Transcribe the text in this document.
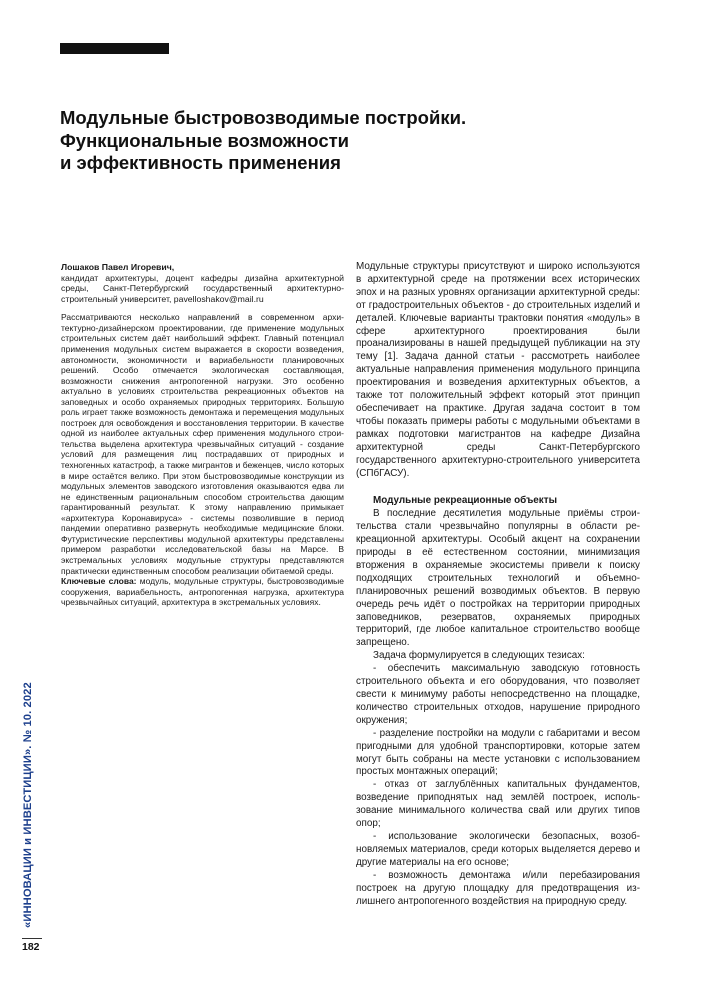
Модульные быстровозводимые постройки.
Функциональные возможности
и эффективность применения
Лошаков Павел Игоревич,
кандидат архитектуры, доцент кафедры дизайна архитектурной среды, Санкт-Петербургский государственный архитектурно-строительный университет, pavelloshakov@mail.ru
Рассматриваются несколько направлений в современном архитектурно-дизайнерском проектировании, где применение модульных строительных систем даёт наибольший эффект. Главный потенциал применения модульных систем выражается в скорости возведения, автономности, экономичности и вариабельности планировочных решений. Особо отмечается экологическая составляющая, возможности снижения антропогенной нагрузки. Это особенно актуально в условиях строительства рекреационных объектов на заповедных и особо охраняемых природных территориях. Большую роль играет также возможность демонтажа и перемещения модульных построек для освобождения и восстановления территории. В качестве одной из наиболее актуальных сфер применения модульного строительства выделена архитектура чрезвычайных ситуаций - создание условий для размещения лиц пострадавших от природных и техногенных катастроф, а также мигрантов и беженцев, число которых в мире остаётся велико. При этом быстровозводимые конструкции из модульных элементов заводского изготовления оказываются едва ли не единственным рациональным способом строительства дающим гарантированный результат. К этому направлению примыкает «архитектура Коронавируса» - системы позволившие в период пандемии оперативно развернуть необходимые медицинские блоки. Футуристические перспективы модульной архитектуры представлены примером разработки исследовательской базы на Марсе. В экстремальных условиях модульные структуры представляются практически единственным способом реализации обитаемой среды.
Ключевые слова: модуль, модульные структуры, быстровозводимые сооружения, вариабельность, антропогенная нагрузка, архитектура чрезвычайных ситуаций, архитектура в экстремальных условиях.
Модульные структуры присутствуют и широко используются в архитектурной среде на протяжении всех исторических эпох и на разных уровнях организации архитектурной среды: от градостроительных объектов - до строительных изделий и деталей. Ключевые варианты трактовки понятия «модуль» в сфере архитектурного проектирования были проанализированы в нашей предыдущей публикации на эту тему [1]. Задача данной статьи - рассмотреть наиболее актуальные направления применения модульного принципа проектирования и возведения архитектурных объектов, а также тот положительный эффект который этот принцип обеспечивает на практике. Другая задача состоит в том чтобы показать примеры работы с модульными объектами в рамках подготовки магистрантов на кафедре Дизайна архитектурной среды Санкт-Петербургского государственного архитектурно-строительного университета (СПбГАСУ).
Модульные рекреационные объекты
В последние десятилетия модульные приёмы строительства стали чрезвычайно популярны в области рекреационной архитектуры. Особый акцент на сохранении природы в её естественном состоянии, минимизация вторжения в охраняемые экосистемы привели к поиску подходящих строительных технологий и объемно-планировочных решений возводимых объектов. В первую очередь речь идёт о постройках на территории природных заповедников, резерватов, охраняемых природных территорий, где любое капитальное строительство вообще запрещено.
Задача формулируется в следующих тезисах:
- обеспечить максимальную заводскую готовность строительного объекта и его оборудования, что позволяет свести к минимуму работы непосредственно на площадке, количество строительных отходов, нарушение природного окружения;
- разделение постройки на модули с габаритами и весом пригодными для удобной транспортировки, которые затем могут быть собраны на месте установки с использованием простых монтажных операций;
- отказ от заглублённых капитальных фундаментов, возведение приподнятых над землёй построек, использование минимального количества свай или других типов опор;
- использование экологически безопасных, возобновляемых материалов, среди которых выделяется дерево и другие материалы на его основе;
- возможность демонтажа и/или перебазирования построек на другую площадку для предотвращения излишнего антропогенного воздействия на природную среду.
«ИННОВАЦИИ и ИНВЕСТИЦИИ». № 10. 2022
182
